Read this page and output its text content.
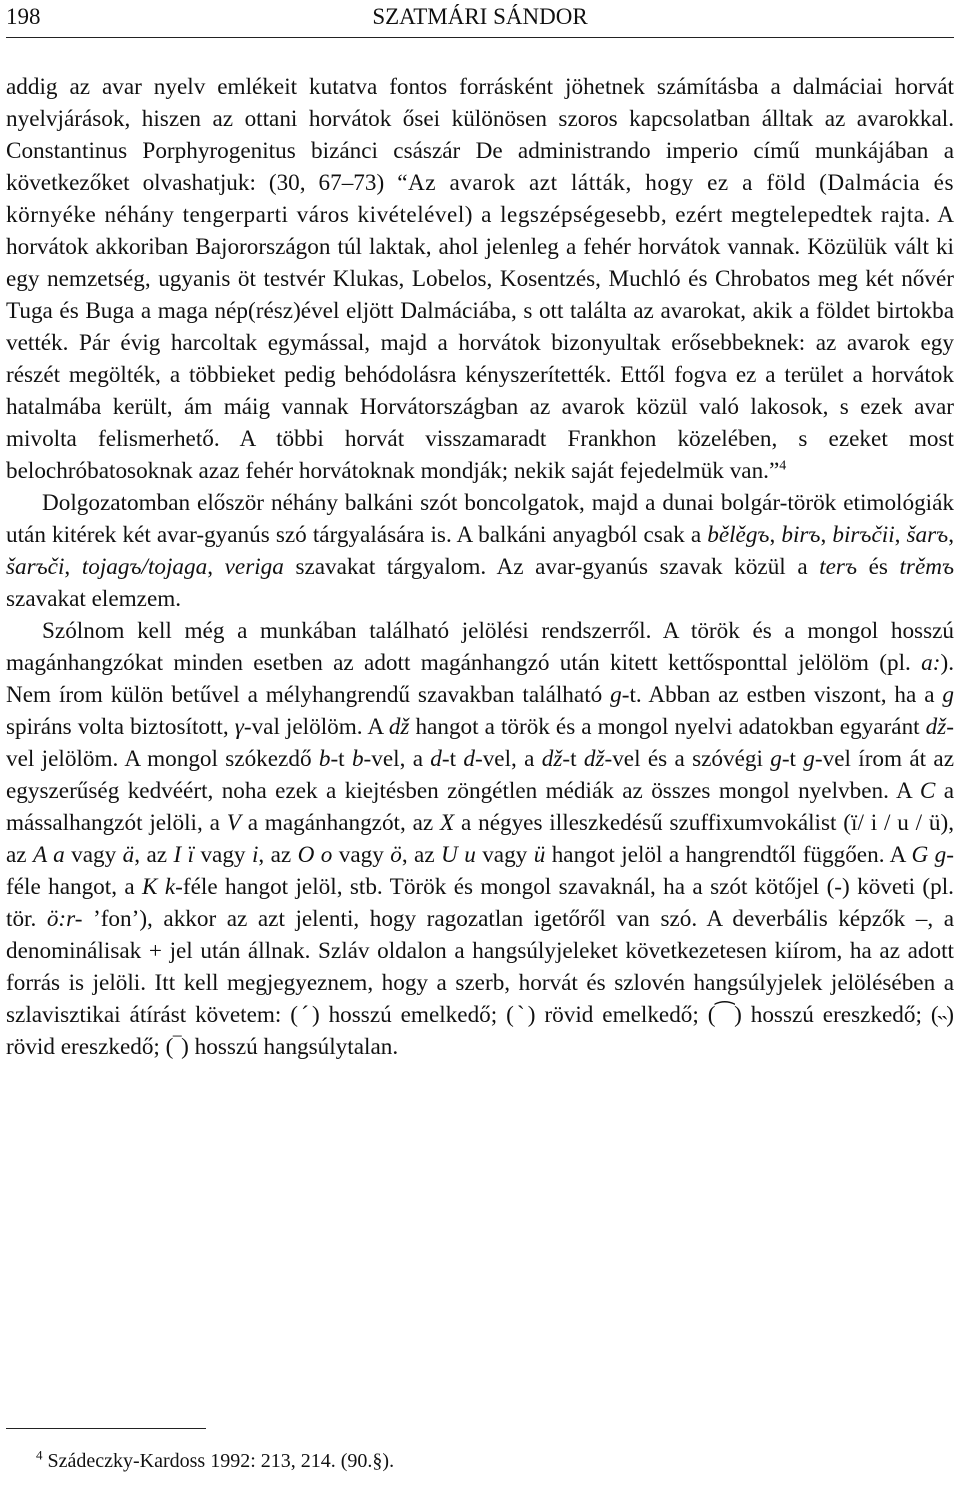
198	SZATMÁRI SÁNDOR

addig az avar nyelv emlékeit kutatva fontos forrásként jöhetnek számításba a dalmáciai horvát nyelvjárások, hiszen az ottani horvátok ősei különösen szoros kapcsolatban álltak az avarokkal. Constantinus Porphyrogenitus bizánci császár De administrando imperio című munkájában a következőket olvashatjuk: (30, 67–73) “Az avarok azt látták, hogy ez a föld (Dalmácia és környéke néhány tengerparti város kivételével) a legszépségesebb, ezért megtelepedtek rajta. A horvátok akkoriban Bajorországon túl laktak, ahol jelenleg a fehér horvátok vannak. Közülük vált ki egy nemzetség, ugyanis öt testvér Klukas, Lobelos, Kosentzés, Muchló és Chrobatos meg két nővér Tuga és Buga a maga nép(rész)ével eljött Dalmáciába, s ott találta az avarokat, akik a földet birtokba vették. Pár évig harcoltak egymással, majd a horvátok bizonyultak erősebbeknek: az avarok egy részét megölték, a többieket pedig behódolásra kényszerítették. Ettől fogva ez a terület a horvátok hatalmába került, ám máig vannak Horvátországban az avarok közül való lakosok, s ezek avar mivolta felismerhető. A többi horvát visszamaradt Frankhon közelében, s ezeket most belochróbatosoknak azaz fehér horvátoknak mondják; nekik saját fejedelmük van.”$^4$

Dolgozatomban először néhány balkáni szót boncolgatok, majd a dunai bolgár-török etimológiák után kitérek két avar-gyanús szó tárgyalására is. A balkáni anyagból csak a bělěgъ, birъ, birъčii, šarъ, šarъči, tojagъ/tojaga, veriga szavakat tárgyalom. Az avar-gyanús szavak közül a terъ és trěmъ szavakat elemzem.

Szólnom kell még a munkában található jelölési rendszerről. A török és a mongol hosszú magánhangzókat minden esetben az adott magánhangzó után kitett kettősponttal jelölöm (pl. a:). Nem írom külön betűvel a mélyhangrendű szavakban található g-t. Abban az estben viszont, ha a g spiráns volta biztosított, γ-val jelölöm. A dž hangot a török és a mongol nyelvi adatokban egyaránt dž-vel jelölöm. A mongol szókezdő b-t b-vel, a d-t d-vel, a dž-t dž-vel és a szóvégi g-t g-vel írom át az egyszerűség kedvéért, noha ezek a kiejtésben zöngétlen médiák az összes mongol nyelvben. A C a mássalhangzót jelöli, a V a magánhangzót, az X a négyes illeszkedésű szuffixumvokálist (ï/ i / u / ü), az A a vagy ä, az I ï vagy i, az O o vagy ö, az U u vagy ü hangot jelöl a hangrendtől függően. A G g-féle hangot, a K k-féle hangot jelöl, stb. Török és mongol szavaknál, ha a szót kötőjel (-) követi (pl. tör. ö:r- ’fon’), akkor az azt jelenti, hogy ragozatlan igetőről van szó. A deverbális képzők –, a denominálisak + jel után állnak. Szláv oldalon a hangsúlyjeleket következetesen kiírom, ha az adott forrás is jelöli. Itt kell megjegyeznem, hogy a szerb, horvát és szlovén hangsúlyjelek jelölésében a szlavisztikai átírást követem: (ˊ) hosszú emelkedő; (ˋ) rövid emelkedő; (⁀) hosszú ereszkedő; (˵) rövid ereszkedő; (‾) hosszú hangsúlytalan.

$^4$ Szádeczky-Kardoss 1992: 213, 214. (90.§).
